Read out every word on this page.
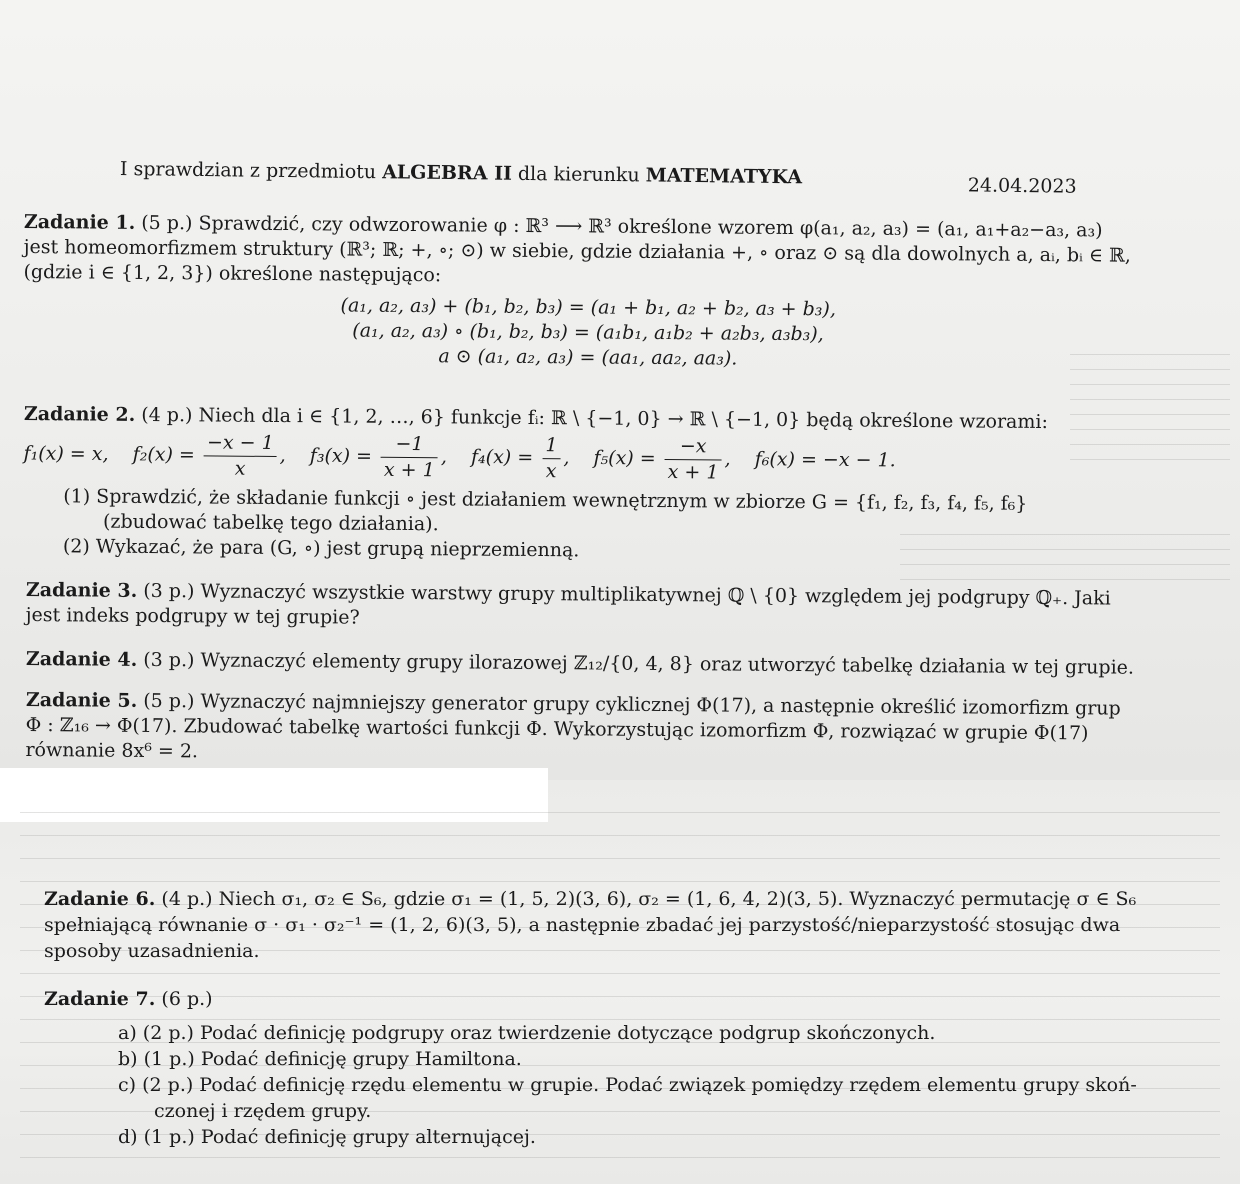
I sprawdzian z przedmiotu ALGEBRA II dla kierunku MATEMATYKA	24.04.2023
Zadanie 1. (5 p.) Sprawdzić, czy odwzorowanie φ : ℝ³ ⟶ ℝ³ określone wzorem φ(a₁, a₂, a₃) = (a₁, a₁+a₂−a₃, a₃)
jest homeomorfizmem struktury (ℝ³; ℝ; +, ∘; ⊙) w siebie, gdzie działania +, ∘ oraz ⊙ są dla dowolnych a, aᵢ, bᵢ ∈ ℝ,
(gdzie i ∈ {1, 2, 3}) określone następująco:
(a₁, a₂, a₃) + (b₁, b₂, b₃) = (a₁ + b₁, a₂ + b₂, a₃ + b₃),
(a₁, a₂, a₃) ∘ (b₁, b₂, b₃) = (a₁b₁, a₁b₂ + a₂b₃, a₃b₃),
a ⊙ (a₁, a₂, a₃) = (aa₁, aa₂, aa₃).
Zadanie 2. (4 p.) Niech dla i ∈ {1, 2, …, 6} funkcje fᵢ: ℝ \ {−1, 0} → ℝ \ {−1, 0} będą określone wzorami:
f₁(x) = x, $f_2(x) = \frac{-x - 1}{x}$ ,    $f_3(x) = \frac{-1}{x + 1}$ ,    $f_4(x) = \frac{1}{x}$ ,    $f_5(x) = \frac{-x}{x + 1}$ ,    f₆(x) = −x − 1.
(1) Sprawdzić, że składanie funkcji ∘ jest działaniem wewnętrznym w zbiorze G = {f₁, f₂, f₃, f₄, f₅, f₆}
(zbudować tabelkę tego działania).
(2) Wykazać, że para (G, ∘) jest grupą nieprzemienną.
Zadanie 3. (3 p.) Wyznaczyć wszystkie warstwy grupy multiplikatywnej ℚ \ {0} względem jej podgrupy ℚ₊. Jaki
jest indeks podgrupy w tej grupie?
Zadanie 4. (3 p.) Wyznaczyć elementy grupy ilorazowej ℤ₁₂/{0, 4, 8} oraz utworzyć tabelkę działania w tej grupie.
Zadanie 5. (5 p.) Wyznaczyć najmniejszy generator grupy cyklicznej Φ(17), a następnie określić izomorfizm grup
Φ : ℤ₁₆ → Φ(17). Zbudować tabelkę wartości funkcji Φ. Wykorzystując izomorfizm Φ, rozwiązać w grupie Φ(17)
równanie 8x⁶ = 2.
Zadanie 6. (4 p.) Niech σ₁, σ₂ ∈ S₆, gdzie σ₁ = (1, 5, 2)(3, 6), σ₂ = (1, 6, 4, 2)(3, 5). Wyznaczyć permutację σ ∈ S₆
spełniającą równanie σ · σ₁ · σ₂⁻¹ = (1, 2, 6)(3, 5), a następnie zbadać jej parzystość/nieparzystość stosując dwa
sposoby uzasadnienia.
Zadanie 7. (6 p.)
a) (2 p.) Podać definicję podgrupy oraz twierdzenie dotyczące podgrup skończonych.
b) (1 p.) Podać definicję grupy Hamiltona.
c) (2 p.) Podać definicję rzędu elementu w grupie. Podać związek pomiędzy rzędem elementu grupy skoń-
czonej i rzędem grupy.
d) (1 p.) Podać definicję grupy alternującej.
